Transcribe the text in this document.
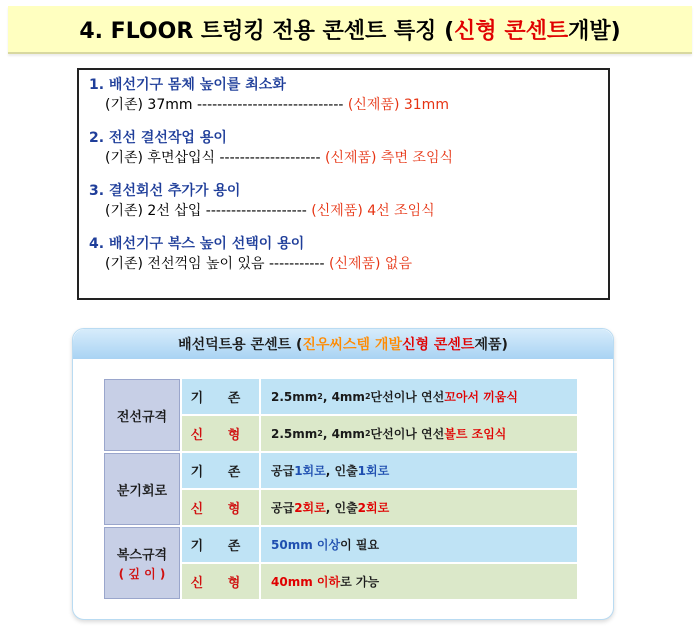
4. FLOOR 트렁킹 전용 콘센트 특징 ( 신형 콘센트 개발)
1. 배선기구 몸체 높이를 최소화
(기존) 37mm ----------------------------- (신제품) 31mm
2. 전선 결선작업 용이
(기존) 후면삽입식 -------------------- (신제품) 측면 조임식
3. 결선회선 추가가 용이
(기존) 2선 삽입 -------------------- (신제품) 4선 조임식
4. 배선기구 복스 높이 선택이 용이
(기존) 전선꺽임 높이 있음 ----------- (신제품) 없음
배선덕트용 콘센트 ( 진우씨스템 개발 신형 콘센트 제품)
전선규격
기 존	2.5mm 2 , 4mm 2 단선이나 연선 꼬아서 끼움식
신 형	2.5mm 2 , 4mm 2 단선이나 연선 볼트 조임식
분기회로
기 존	공급 1회로 , 인출 1회로
신 형	공급 2회로 , 인출 2회로
복스규격
( 깊 이 )
기 존	50mm 이상 이 필요
신 형	40mm 이하 로 가능
